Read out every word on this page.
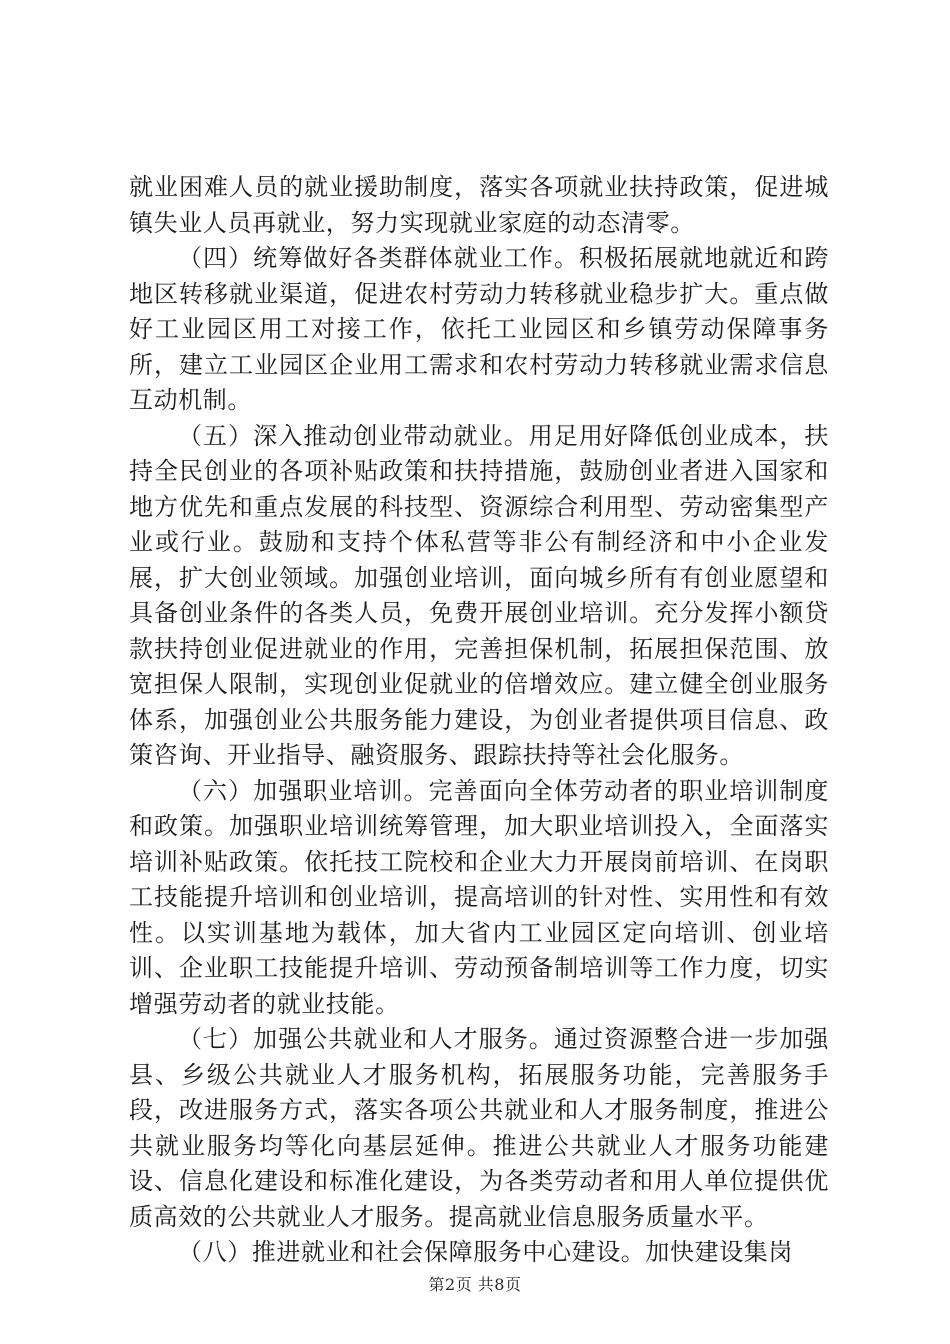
就业困难人员的就业援助制度，落实各项就业扶持政策，促进城镇失业人员再就业，努力实现就业家庭的动态清零。

（四）统筹做好各类群体就业工作。积极拓展就地就近和跨地区转移就业渠道，促进农村劳动力转移就业稳步扩大。重点做好工业园区用工对接工作，依托工业园区和乡镇劳动保障事务所，建立工业园区企业用工需求和农村劳动力转移就业需求信息互动机制。

（五）深入推动创业带动就业。用足用好降低创业成本，扶持全民创业的各项补贴政策和扶持措施，鼓励创业者进入国家和地方优先和重点发展的科技型、资源综合利用型、劳动密集型产业或行业。鼓励和支持个体私营等非公有制经济和中小企业发展，扩大创业领域。加强创业培训，面向城乡所有有创业愿望和具备创业条件的各类人员，免费开展创业培训。充分发挥小额贷款扶持创业促进就业的作用，完善担保机制，拓展担保范围、放宽担保人限制，实现创业促就业的倍增效应。建立健全创业服务体系，加强创业公共服务能力建设，为创业者提供项目信息、政策咨询、开业指导、融资服务、跟踪扶持等社会化服务。

（六）加强职业培训。完善面向全体劳动者的职业培训制度和政策。加强职业培训统筹管理，加大职业培训投入，全面落实培训补贴政策。依托技工院校和企业大力开展岗前培训、在岗职工技能提升培训和创业培训，提高培训的针对性、实用性和有效性。以实训基地为载体，加大省内工业园区定向培训、创业培训、企业职工技能提升培训、劳动预备制培训等工作力度，切实增强劳动者的就业技能。

（七）加强公共就业和人才服务。通过资源整合进一步加强县、乡级公共就业人才服务机构，拓展服务功能，完善服务手段，改进服务方式，落实各项公共就业和人才服务制度，推进公共就业服务均等化向基层延伸。推进公共就业人才服务功能建设、信息化建设和标准化建设，为各类劳动者和用人单位提供优质高效的公共就业人才服务。提高就业信息服务质量水平。

（八）推进就业和社会保障服务中心建设。加快建设集岗

第2页 共8页
